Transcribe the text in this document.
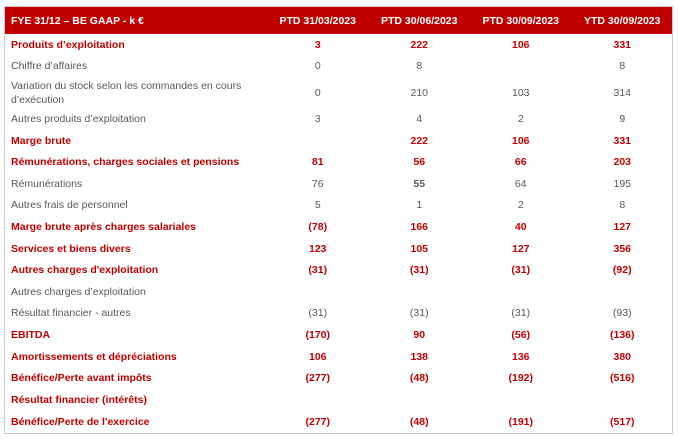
FYE 31/12 – BE GAAP - k €	PTD 31/03/2023	PTD 30/06/2023	PTD 30/09/2023	YTD 30/09/2023
Produits d’exploitation	3	222	106	331
Chiffre d’affaires	0	8		8
Variation du stock selon les commandes en cours d’exécution	0	210	103	314
Autres produits d’exploitation	3	4	2	9
Marge brute		222	106	331
Rémunérations, charges sociales et pensions	81	56	66	203
Rémunérations	76	55	64	195
Autres frais de personnel	5	1	2	8
Marge brute après charges salariales	(78)	166	40	127
Services et biens divers	123	105	127	356
Autres charges d'exploitation	(31)	(31)	(31)	(92)
Autres charges d’exploitation				
Résultat financier - autres	(31)	(31)	(31)	(93)
EBITDA	(170)	90	(56)	(136)
Amortissements et dépréciations	106	138	136	380
Bénéfice/Perte avant impôts	(277)	(48)	(192)	(516)
Résultat financier (intérêts)				
Bénéfice/Perte de l'exercice	(277)	(48)	(191)	(517)
